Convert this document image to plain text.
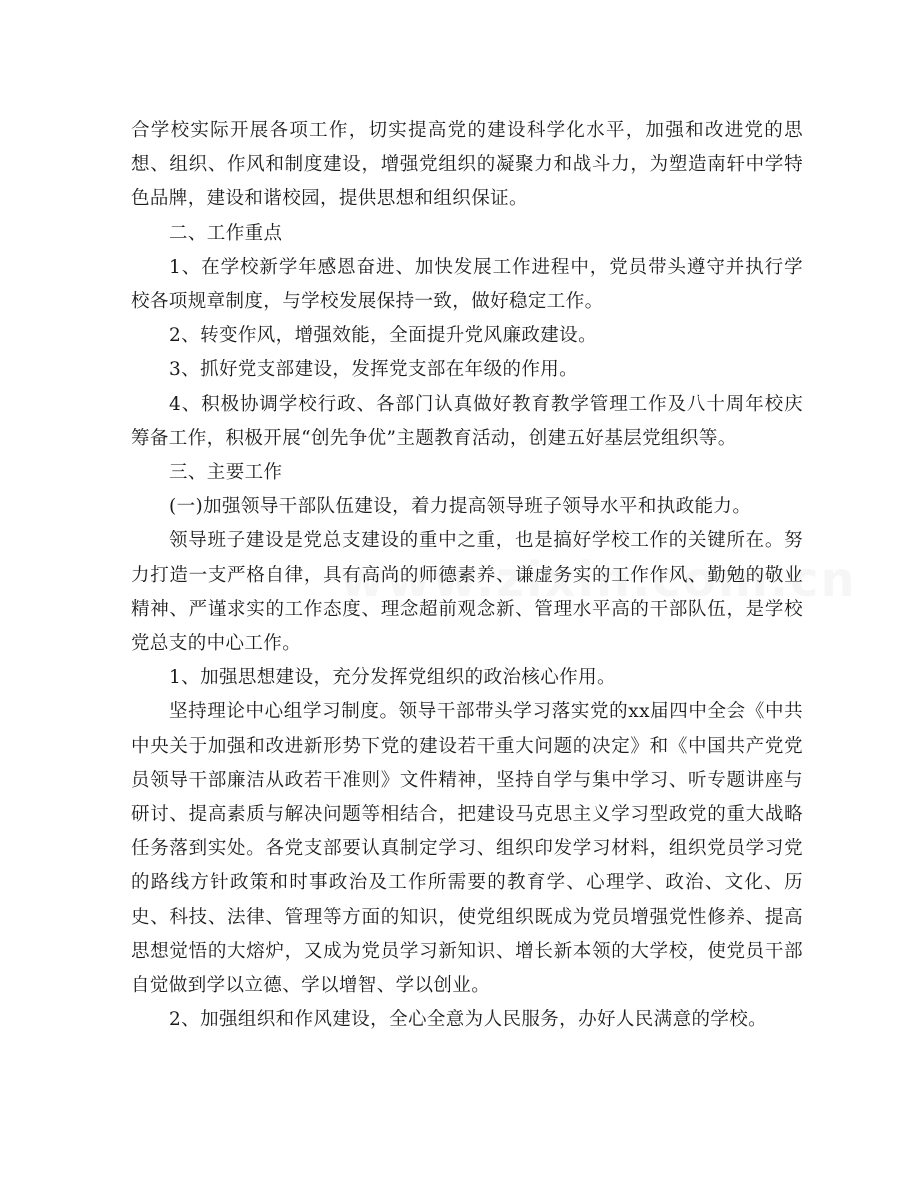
合学校实际开展各项工作，切实提高党的建设科学化水平，加强和改进党的思想、组织、作风和制度建设，增强党组织的凝聚力和战斗力，为塑造南轩中学特色品牌，建设和谐校园，提供思想和组织保证。

二、工作重点

1、在学校新学年感恩奋进、加快发展工作进程中，党员带头遵守并执行学校各项规章制度，与学校发展保持一致，做好稳定工作。

2、转变作风，增强效能，全面提升党风廉政建设。

3、抓好党支部建设，发挥党支部在年级的作用。

4、积极协调学校行政、各部门认真做好教育教学管理工作及八十周年校庆筹备工作，积极开展“创先争优”主题教育活动，创建五好基层党组织等。

三、主要工作

(一)加强领导干部队伍建设，着力提高领导班子领导水平和执政能力。

领导班子建设是党总支建设的重中之重，也是搞好学校工作的关键所在。努力打造一支严格自律，具有高尚的师德素养、谦虚务实的工作作风、勤勉的敬业精神、严谨求实的工作态度、理念超前观念新、管理水平高的干部队伍，是学校党总支的中心工作。

1、加强思想建设，充分发挥党组织的政治核心作用。

坚持理论中心组学习制度。领导干部带头学习落实党的xx届四中全会《中共中央关于加强和改进新形势下党的建设若干重大问题的决定》和《中国共产党党员领导干部廉洁从政若干准则》文件精神，坚持自学与集中学习、听专题讲座与研讨、提高素质与解决问题等相结合，把建设马克思主义学习型政党的重大战略任务落到实处。各党支部要认真制定学习、组织印发学习材料，组织党员学习党的路线方针政策和时事政治及工作所需要的教育学、心理学、政治、文化、历史、科技、法律、管理等方面的知识，使党组织既成为党员增强党性修养、提高思想觉悟的大熔炉，又成为党员学习新知识、增长新本领的大学校，使党员干部自觉做到学以立德、学以增智、学以创业。

2、加强组织和作风建设，全心全意为人民服务，办好人民满意的学校。
